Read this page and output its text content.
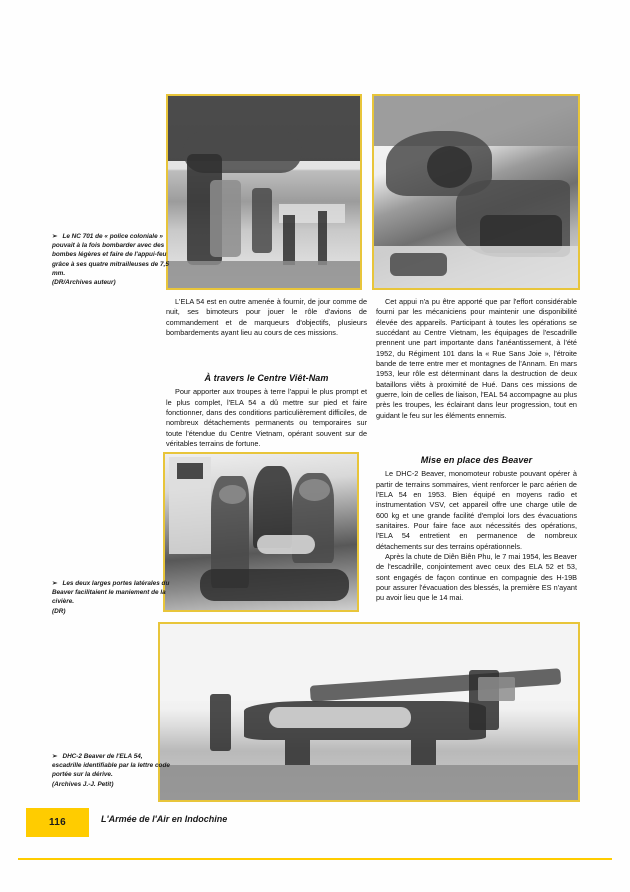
➢ Le NC 701 de « police coloniale » pouvait à la fois bombarder avec des bombes légères et faire de l'appui-feu grâce à ses quatre mitrailleuses de 7,5 mm.
(DR/Archives auteur)
➢ Les deux larges portes latérales du Beaver facilitaient le maniement de la civière.
(DR)
➢ DHC-2 Beaver de l'ELA 54, escadrille identifiable par la lettre code portée sur la dérive.
(Archives J.-J. Petit)

L'ELA 54 est en outre amenée à fournir, de jour comme de nuit, ses bimoteurs pour jouer le rôle d'avions de commandement et de marqueurs d'objectifs, plusieurs bombardements ayant lieu au cours de ces missions.

À travers le Centre Viêt-Nam

Pour apporter aux troupes à terre l'appui le plus prompt et le plus complet, l'ELA 54 a dû mettre sur pied et faire fonctionner, dans des conditions particulièrement difficiles, de nombreux détachements permanents ou temporaires sur toute l'étendue du Centre Vietnam, opérant souvent sur de véritables terrains de fortune.

Cet appui n'a pu être apporté que par l'effort considérable fourni par les mécaniciens pour maintenir une disponibilité élevée des appareils. Participant à toutes les opérations se succédant au Centre Vietnam, les équipages de l'escadrille prennent une part importante dans l'anéantissement, à l'été 1952, du Régiment 101 dans la « Rue Sans Joie », l'étroite bande de terre entre mer et montagnes de l'Annam. En mars 1953, leur rôle est déterminant dans la destruction de deux bataillons viêts à proximité de Hué. Dans ces missions de guerre, loin de celles de liaison, l'EAL 54 accompagne au plus près les troupes, les éclairant dans leur progression, tout en guidant le feu sur les éléments ennemis.

Mise en place des Beaver

Le DHC-2 Beaver, monomoteur robuste pouvant opérer à partir de terrains sommaires, vient renforcer le parc aérien de l'ELA 54 en 1953. Bien équipé en moyens radio et instrumentation VSV, cet appareil offre une charge utile de 600 kg et une grande facilité d'emploi lors des évacuations sanitaires. Pour faire face aux nécessités des opérations, l'ELA 54 entretient en permanence de nombreux détachements sur des terrains opérationnels.

Après la chute de Diên Biên Phu, le 7 mai 1954, les Beaver de l'escadrille, conjointement avec ceux des ELA 52 et 53, sont engagés de façon continue en compagnie des H-19B pour assurer l'évacuation des blessés, la première ES n'ayant pu avoir lieu que le 14 mai.

116	L'Armée de l'Air en Indochine
